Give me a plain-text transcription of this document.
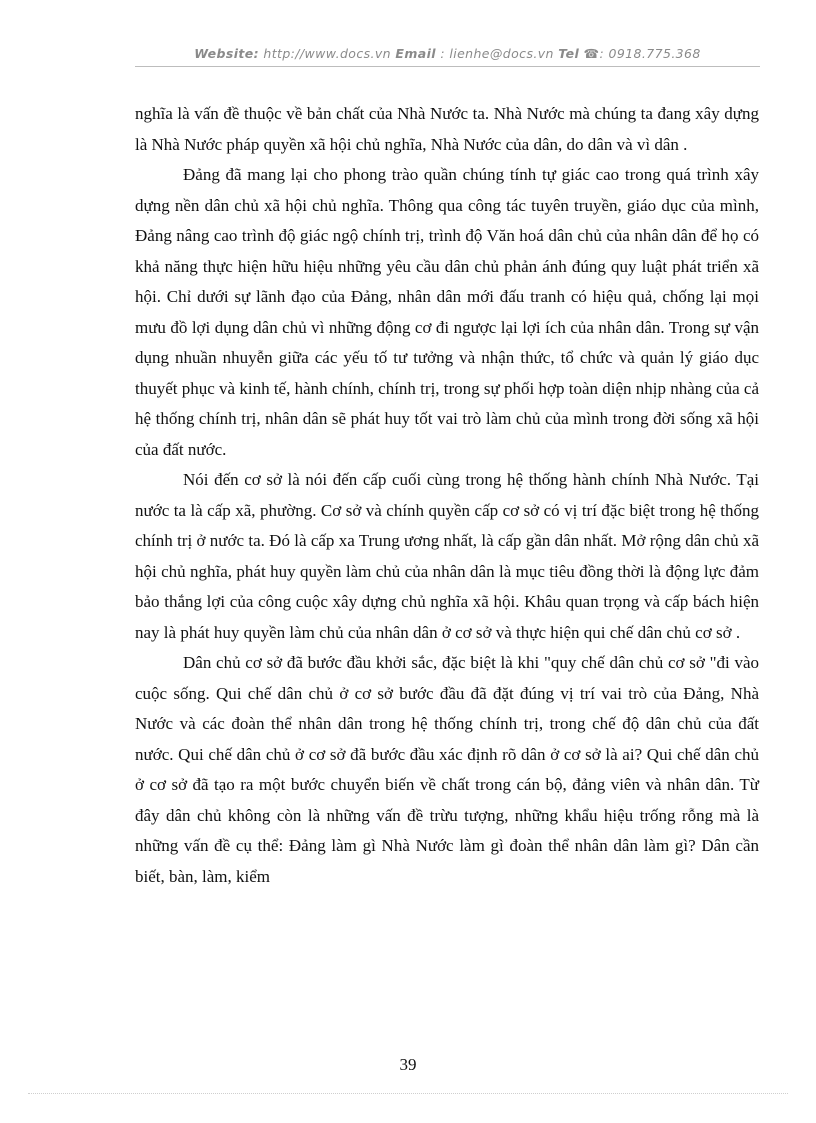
Website: http://www.docs.vn Email : lienhe@docs.vn Tel ☎: 0918.775.368

nghĩa là vấn đề thuộc về bản chất của Nhà Nước ta. Nhà Nước mà chúng ta đang xây dựng là Nhà Nước pháp quyền xã hội chủ nghĩa, Nhà Nước của dân, do dân và vì dân .

Đảng đã mang lại cho phong trào quần chúng tính tự giác cao trong quá trình xây dựng nền dân chủ xã hội chủ nghĩa. Thông qua công tác tuyên truyền, giáo dục của mình, Đảng nâng cao trình độ giác ngộ chính trị, trình độ Văn hoá dân chủ của nhân dân để họ có khả năng thực hiện hữu hiệu những yêu cầu dân chủ phản ánh đúng quy luật phát triển xã hội. Chỉ dưới sự lãnh đạo của Đảng, nhân dân mới đấu tranh có hiệu quả, chống lại mọi mưu đồ lợi dụng dân chủ vì những động cơ đi ngược lại lợi ích của nhân dân. Trong sự vận dụng nhuần nhuyễn giữa các yếu tố tư tưởng và nhận thức, tổ chức và quản lý giáo dục thuyết phục và kinh tế, hành chính, chính trị, trong sự phối hợp toàn diện nhịp nhàng của cả hệ thống chính trị, nhân dân sẽ phát huy tốt vai trò làm chủ của mình trong đời sống xã hội của đất nước.

Nói đến cơ sở là nói đến cấp cuối cùng trong hệ thống hành chính Nhà Nước. Tại nước ta là cấp xã, phường. Cơ sở và chính quyền cấp cơ sở có vị trí đặc biệt trong hệ thống chính trị ở nước ta. Đó là cấp xa Trung ương nhất, là cấp gần dân nhất. Mở rộng dân chủ xã hội chủ nghĩa, phát huy quyền làm chủ của nhân dân là mục tiêu đồng thời là động lực đảm bảo thắng lợi của công cuộc xây dựng chủ nghĩa xã hội. Khâu quan trọng và cấp bách hiện nay là phát huy quyền làm chủ của nhân dân ở cơ sở và thực hiện qui chế dân chủ cơ sở .

Dân chủ cơ sở đã bước đầu khởi sắc, đặc biệt là khi "quy chế dân chủ cơ sở "đi vào cuộc sống. Qui chế dân chủ ở cơ sở bước đầu đã đặt đúng vị trí vai trò của Đảng, Nhà Nước và các đoàn thể nhân dân trong hệ thống chính trị, trong chế độ dân chủ của đất nước. Qui chế dân chủ ở cơ sở đã bước đầu xác định rõ dân ở cơ sở là ai? Qui chế dân chủ ở cơ sở đã tạo ra một bước chuyển biến về chất trong cán bộ, đảng viên và nhân dân. Từ đây dân chủ không còn là những vấn đề trừu tượng, những khẩu hiệu trống rỗng mà là những vấn đề cụ thể: Đảng làm gì Nhà Nước làm gì đoàn thể nhân dân làm gì? Dân cần biết, bàn, làm, kiểm

39
